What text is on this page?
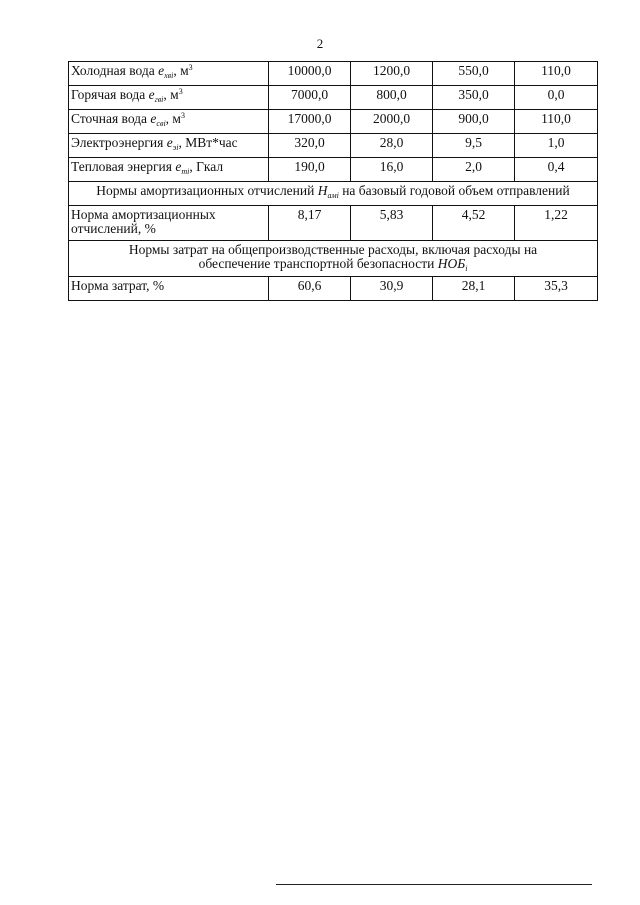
2
Холодная вода $e_{хвi}$, $м^3$	10000,0	1200,0	550,0	110,0
Горячая вода $e_{гвi}$, $м^3$	7000,0	800,0	350,0	0,0
Сточная вода $e_{свi}$, $м^3$	17000,0	2000,0	900,0	110,0
Электроэнергия $e_{эi}$, МВт*час	320,0	28,0	9,5	1,0
Тепловая энергия $e_{тi}$, Гкал	190,0	16,0	2,0	0,4
Нормы амортизационных отчислений $Н_{амi}$ на базовый годовой объем отправлений				
Норма амортизационных
отчислений, %	8,17	5,83	4,52	1,22
Нормы затрат на общепроизводственные расходы, включая расходы на
обеспечение транспортной безопасности $НОБ_i$
Норма затрат, %	60,6	30,9	28,1	35,3
